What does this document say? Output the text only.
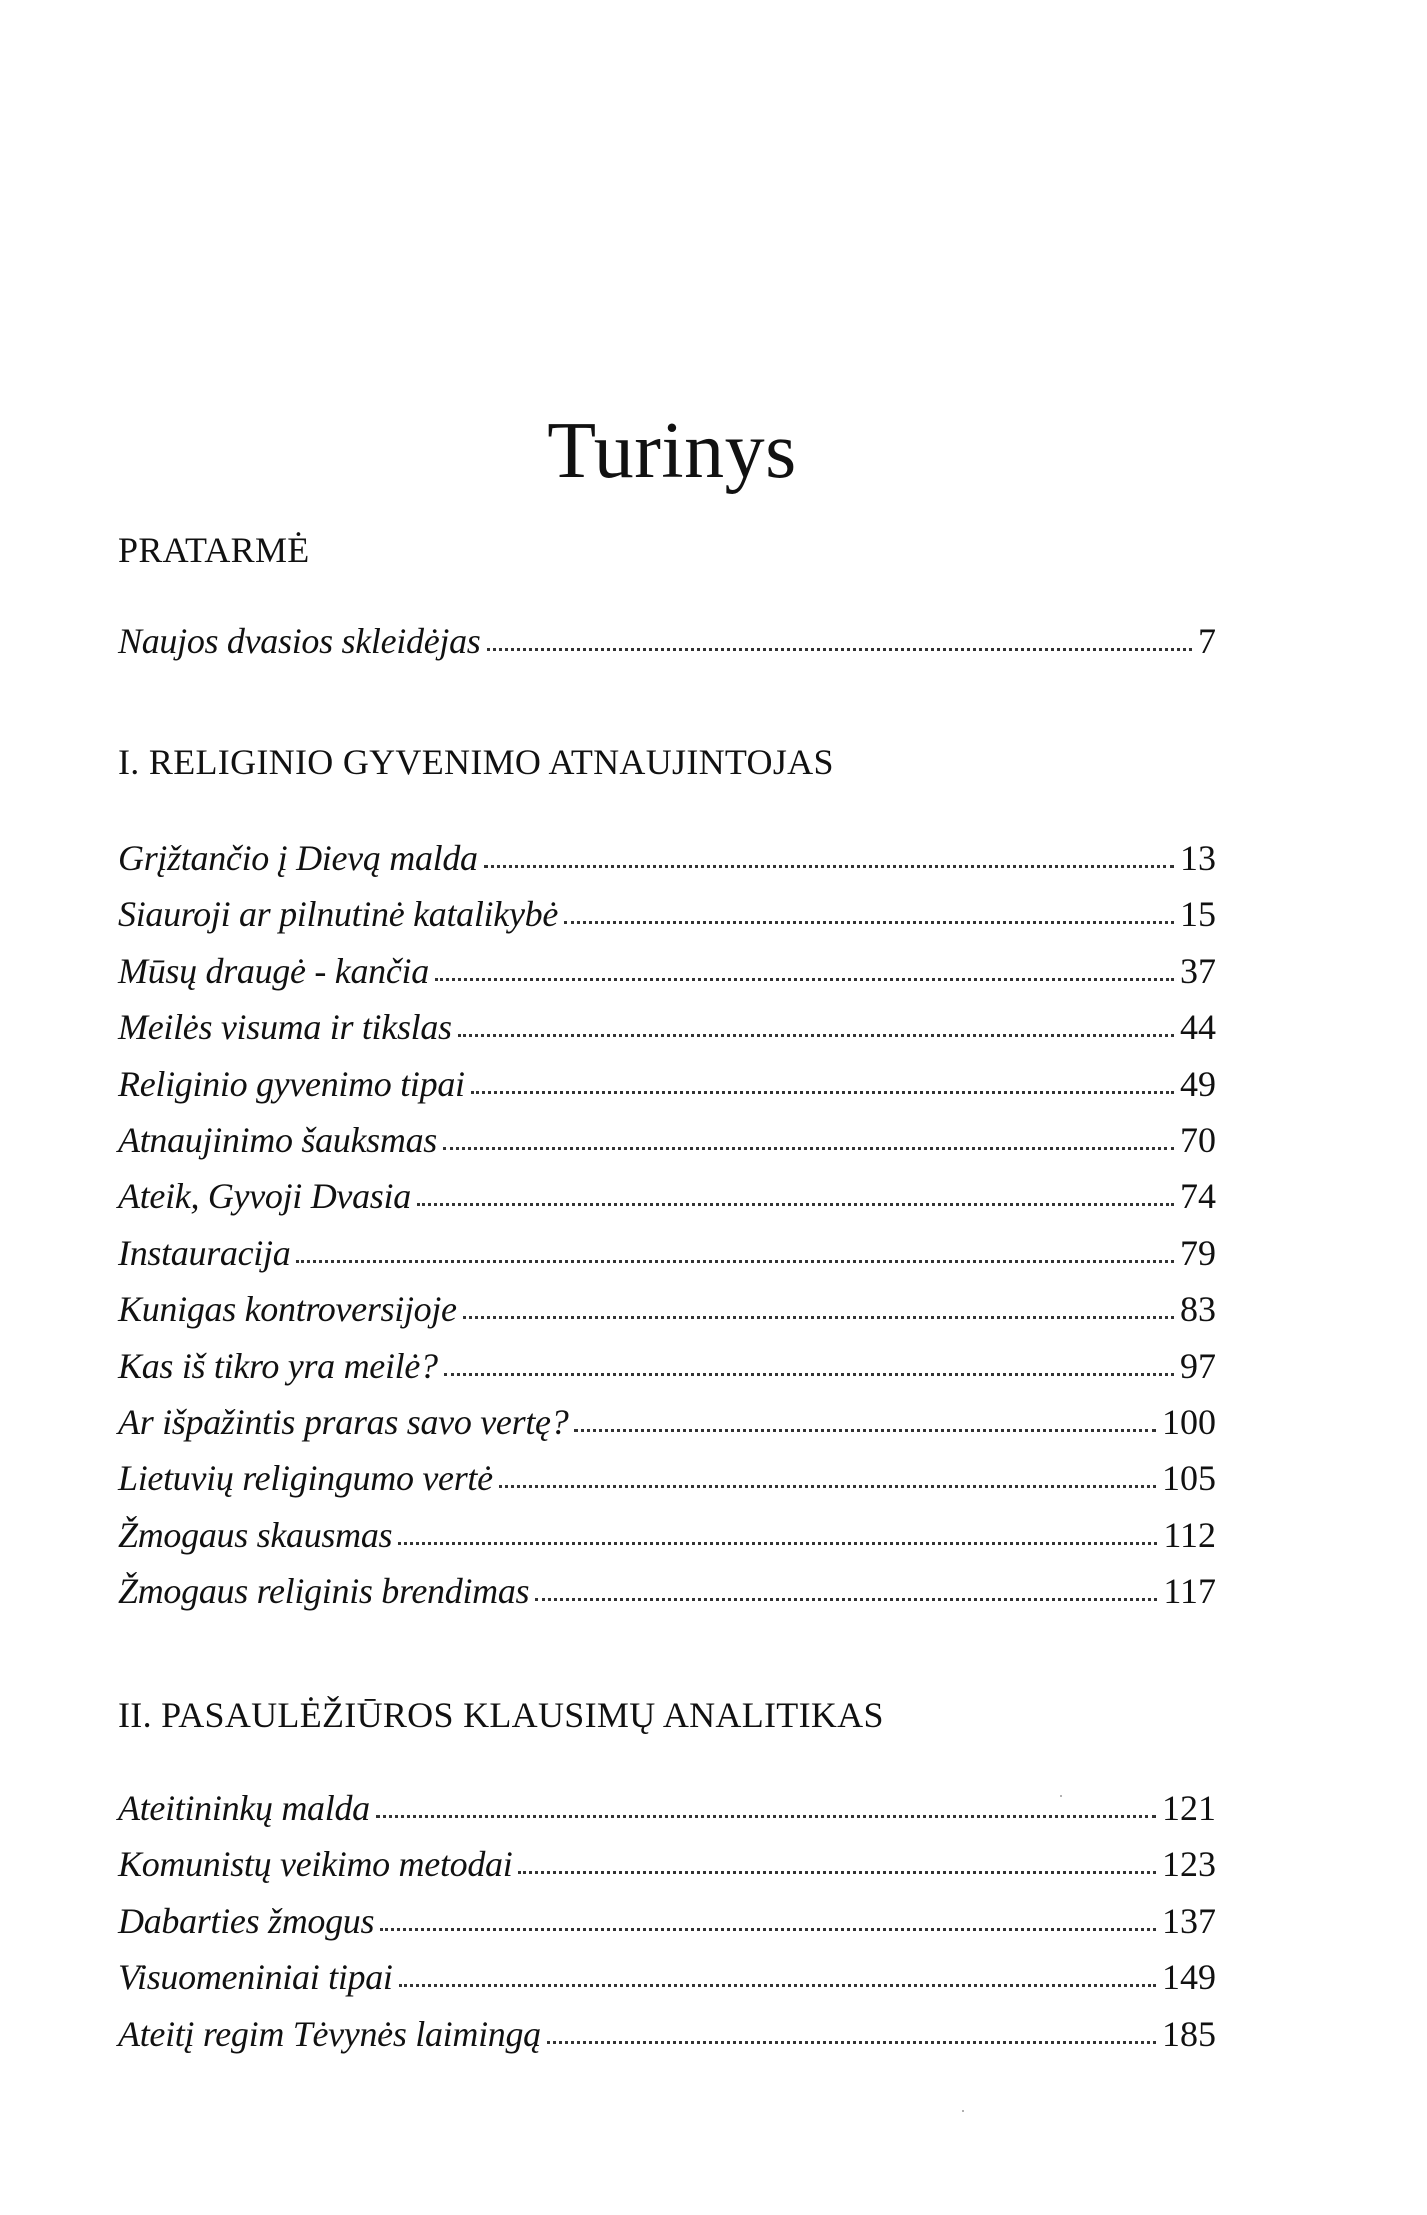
Turinys
PRATARMĖ
Naujos dvasios skleidėjas	7
I. RELIGINIO GYVENIMO ATNAUJINTOJAS
Grįžtančio į Dievą malda	13
Siauroji ar pilnutinė katalikybė	15
Mūsų draugė - kančia	37
Meilės visuma ir tikslas	44
Religinio gyvenimo tipai	49
Atnaujinimo šauksmas	70
Ateik, Gyvoji Dvasia	74
Instauracija	79
Kunigas kontroversijoje	83
Kas iš tikro yra meilė?	97
Ar išpažintis praras savo vertę?	100
Lietuvių religingumo vertė	105
Žmogaus skausmas	112
Žmogaus religinis brendimas	117
II. PASAULĖŽIŪROS KLAUSIMŲ ANALITIKAS
Ateitininkų malda	121
Komunistų veikimo metodai	123
Dabarties žmogus	137
Visuomeniniai tipai	149
Ateitį regim Tėvynės laimingą	185
